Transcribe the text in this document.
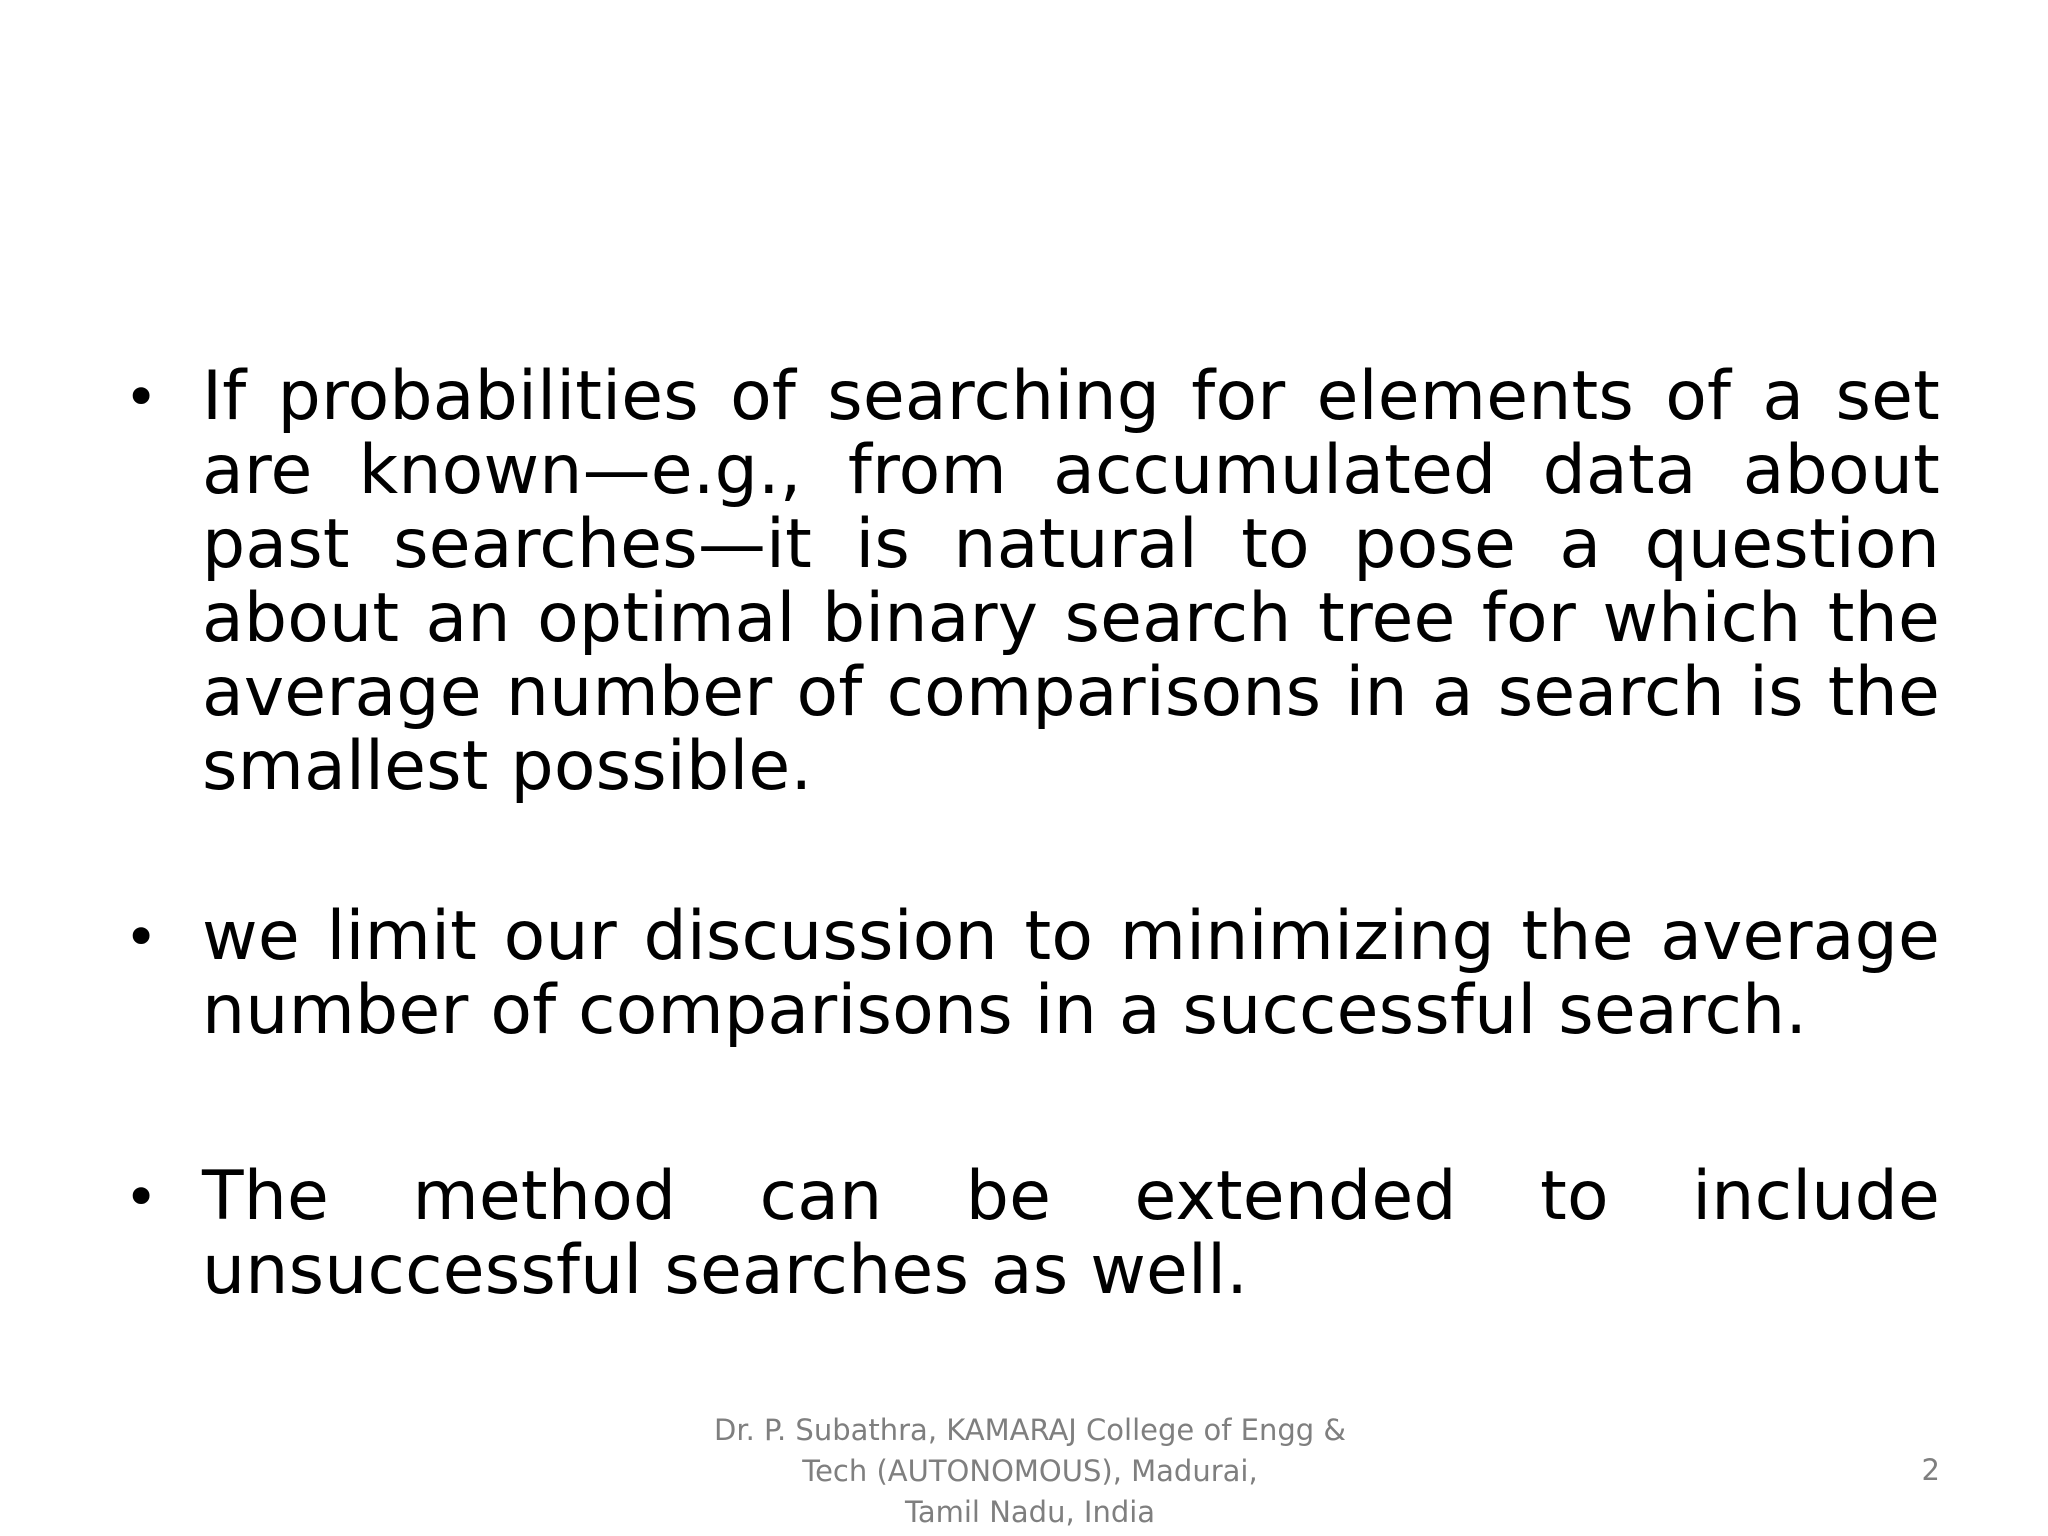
• If probabilities of searching for elements of a set are known—e.g., from accumulated data about past searches—it is natural to pose a question about an optimal binary search tree for which the average number of comparisons in a search is the smallest possible.
• we limit our discussion to minimizing the average number of comparisons in a successful search.
• The method can be extended to include unsuccessful searches as well.
Dr. P. Subathra, KAMARAJ College of Engg &
Tech (AUTONOMOUS), Madurai,
Tamil Nadu, India
2
